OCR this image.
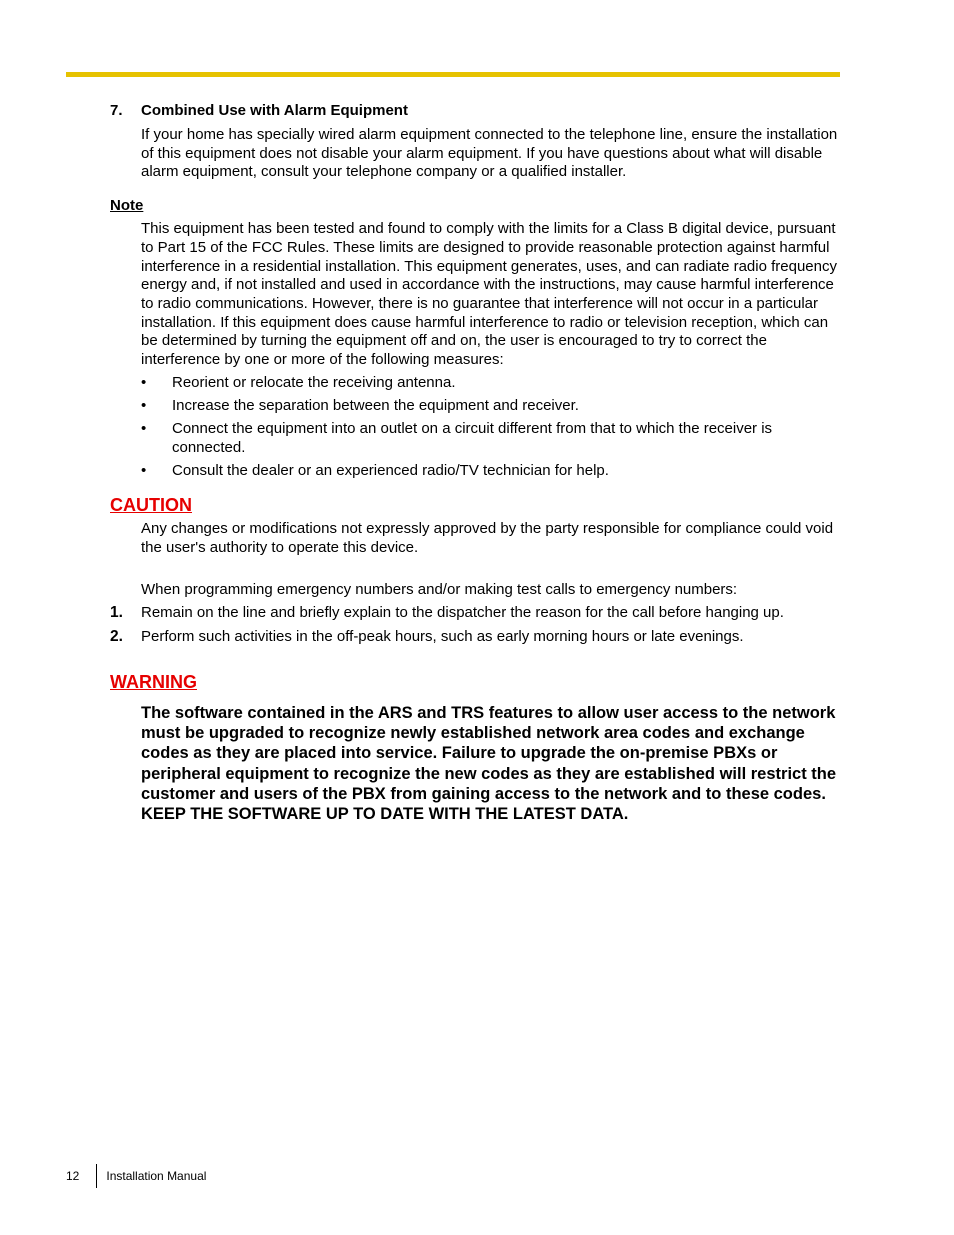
7.	Combined Use with Alarm Equipment
If your home has specially wired alarm equipment connected to the telephone line, ensure the installation of this equipment does not disable your alarm equipment. If you have questions about what will disable alarm equipment, consult your telephone company or a qualified installer.
Note
This equipment has been tested and found to comply with the limits for a Class B digital device, pursuant to Part 15 of the FCC Rules. These limits are designed to provide reasonable protection against harmful interference in a residential installation. This equipment generates, uses, and can radiate radio frequency energy and, if not installed and used in accordance with the instructions, may cause harmful interference to radio communications. However, there is no guarantee that interference will not occur in a particular installation. If this equipment does cause harmful interference to radio or television reception, which can be determined by turning the equipment off and on, the user is encouraged to try to correct the interference by one or more of the following measures:
•	Reorient or relocate the receiving antenna.
•	Increase the separation between the equipment and receiver.
•	Connect the equipment into an outlet on a circuit different from that to which the receiver is connected.
•	Consult the dealer or an experienced radio/TV technician for help.
CAUTION
Any changes or modifications not expressly approved by the party responsible for compliance could void the user's authority to operate this device.
When programming emergency numbers and/or making test calls to emergency numbers:
1.	Remain on the line and briefly explain to the dispatcher the reason for the call before hanging up.
2.	Perform such activities in the off-peak hours, such as early morning hours or late evenings.
WARNING
The software contained in the ARS and TRS features to allow user access to the network must be upgraded to recognize newly established network area codes and exchange codes as they are placed into service. Failure to upgrade the on-premise PBXs or peripheral equipment to recognize the new codes as they are established will restrict the customer and users of the PBX from gaining access to the network and to these codes.
KEEP THE SOFTWARE UP TO DATE WITH THE LATEST DATA.
12 Installation Manual
